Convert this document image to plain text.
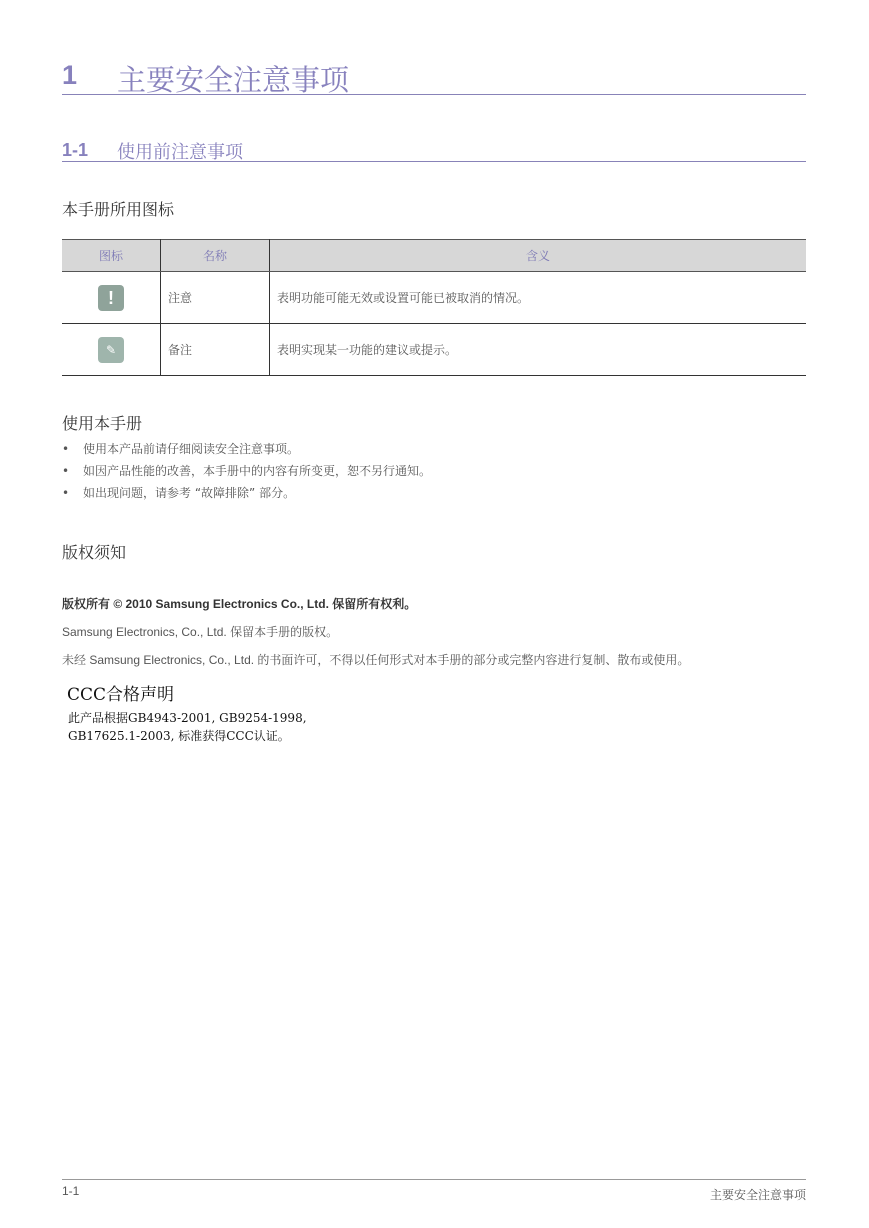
1 主要安全注意事项
1-1 使用前注意事项
本手册所用图标
图标	名称	含义
!	注意	表明功能可能无效或设置可能已被取消的情况。
✎	备注	表明实现某一功能的建议或提示。
使用本手册
• 使用本产品前请仔细阅读安全注意事项。
• 如因产品性能的改善，本手册中的内容有所变更，恕不另行通知。
• 如出现问题，请参考 “故障排除” 部分。
版权须知
版权所有 © 2010 Samsung Electronics Co., Ltd. 保留所有权利。
Samsung Electronics, Co., Ltd. 保留本手册的版权。
未经 Samsung Electronics, Co., Ltd. 的书面许可，不得以任何形式对本手册的部分或完整内容进行复制、散布或使用。
CCC合格声明
此产品根据GB4943-2001, GB9254-1998,
GB17625.1-2003, 标准获得CCC认证。
1-1	主要安全注意事项
